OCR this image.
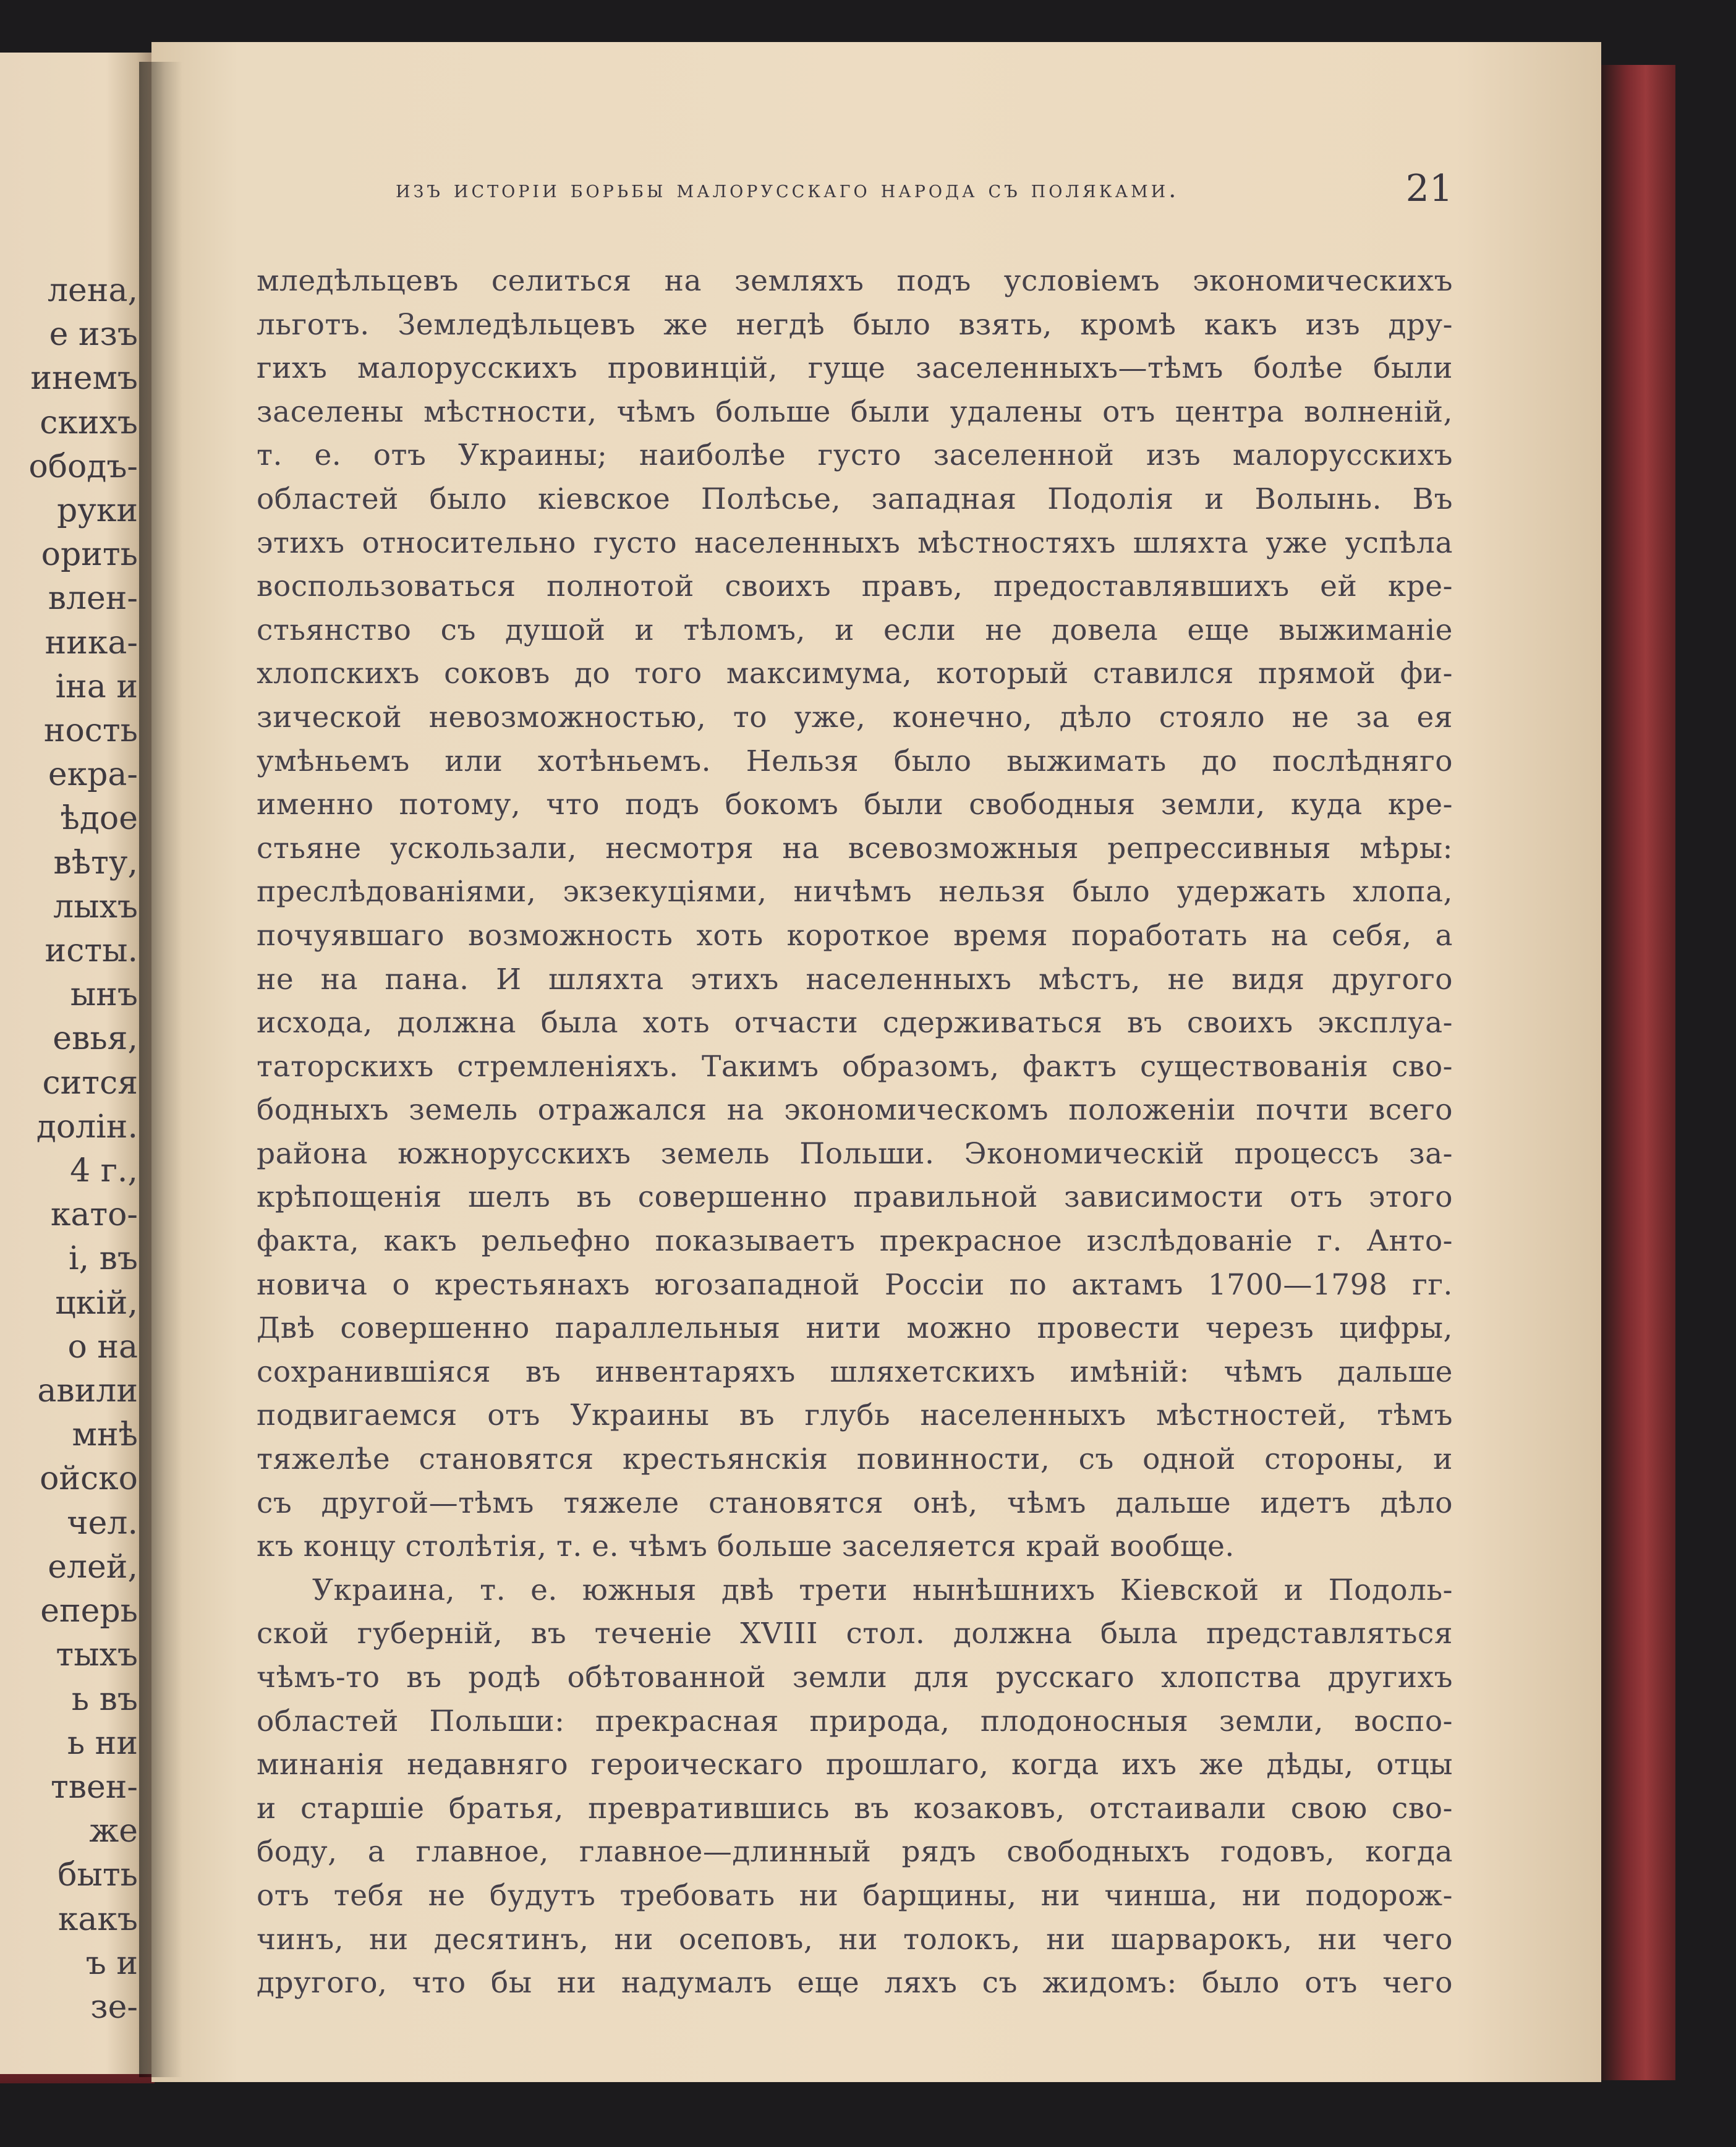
лена,
е изъ
инемъ
скихъ
ободъ-
руки
орить
влен-
ника-
іна и
ность
екра-
ѣдое
вѣту,
лыхъ
исты.
ынъ
евья,
сится
долін.
4 г.,
като-
і, въ
цкій,
о на
авили
мнѣ
ойско
чел.
елей,
еперь
тыхъ
ь въ
ь ни
твен-
же
быть
какъ
ъ и
зе-
изъ исторіи борьбы малорусскаго народа съ поляками.	21
мледѣльцевъ селиться на земляхъ подъ условіемъ экономическихъ
льготъ. Земледѣльцевъ же негдѣ было взять, кромѣ какъ изъ дру-
гихъ малорусскихъ провинцій, гуще заселенныхъ—тѣмъ болѣе были
заселены мѣстности, чѣмъ больше были удалены отъ центра волненій,
т. е. отъ Украины; наиболѣе густо заселенной изъ малорусскихъ
областей было кіевское Полѣсье, западная Подолія и Волынь. Въ
этихъ относительно густо населенныхъ мѣстностяхъ шляхта уже успѣла
воспользоваться полнотой своихъ правъ, предоставлявшихъ ей кре-
стьянство съ душой и тѣломъ, и если не довела еще выжиманіе
хлопскихъ соковъ до того максимума, который ставился прямой фи-
зической невозможностью, то уже, конечно, дѣло стояло не за ея
умѣньемъ или хотѣньемъ. Нельзя было выжимать до послѣдняго
именно потому, что подъ бокомъ были свободныя земли, куда кре-
стьяне ускользали, несмотря на всевозможныя репрессивныя мѣры:
преслѣдованіями, экзекуціями, ничѣмъ нельзя было удержать хлопа,
почуявшаго возможность хоть короткое время поработать на себя, а
не на пана. И шляхта этихъ населенныхъ мѣстъ, не видя другого
исхода, должна была хоть отчасти сдерживаться въ своихъ эксплуа-
таторскихъ стремленіяхъ. Такимъ образомъ, фактъ существованія сво-
бодныхъ земель отражался на экономическомъ положеніи почти всего
района южнорусскихъ земель Польши. Экономическій процессъ за-
крѣпощенія шелъ въ совершенно правильной зависимости отъ этого
факта, какъ рельефно показываетъ прекрасное изслѣдованіе г. Анто-
новича о крестьянахъ югозападной Россіи по актамъ 1700—1798 гг.
Двѣ совершенно параллельныя нити можно провести черезъ цифры,
сохранившіяся въ инвентаряхъ шляхетскихъ имѣній: чѣмъ дальше
подвигаемся отъ Украины въ глубь населенныхъ мѣстностей, тѣмъ
тяжелѣе становятся крестьянскія повинности, съ одной стороны, и
съ другой—тѣмъ тяжеле становятся онѣ, чѣмъ дальше идетъ дѣло
къ концу столѣтія, т. е. чѣмъ больше заселяется край вообще.
Украина, т. е. южныя двѣ трети нынѣшнихъ Кіевской и Подоль-
ской губерній, въ теченіе XVIII стол. должна была представляться
чѣмъ-то въ родѣ обѣтованной земли для русскаго хлопства другихъ
областей Польши: прекрасная природа, плодоносныя земли, воспо-
минанія недавняго героическаго прошлаго, когда ихъ же дѣды, отцы
и старшіе братья, превратившись въ козаковъ, отстаивали свою сво-
боду, а главное, главное—длинный рядъ свободныхъ годовъ, когда
отъ тебя не будутъ требовать ни барщины, ни чинша, ни подорож-
чинъ, ни десятинъ, ни осеповъ, ни толокъ, ни шарварокъ, ни чего
другого, что бы ни надумалъ еще ляхъ съ жидомъ: было отъ чего
